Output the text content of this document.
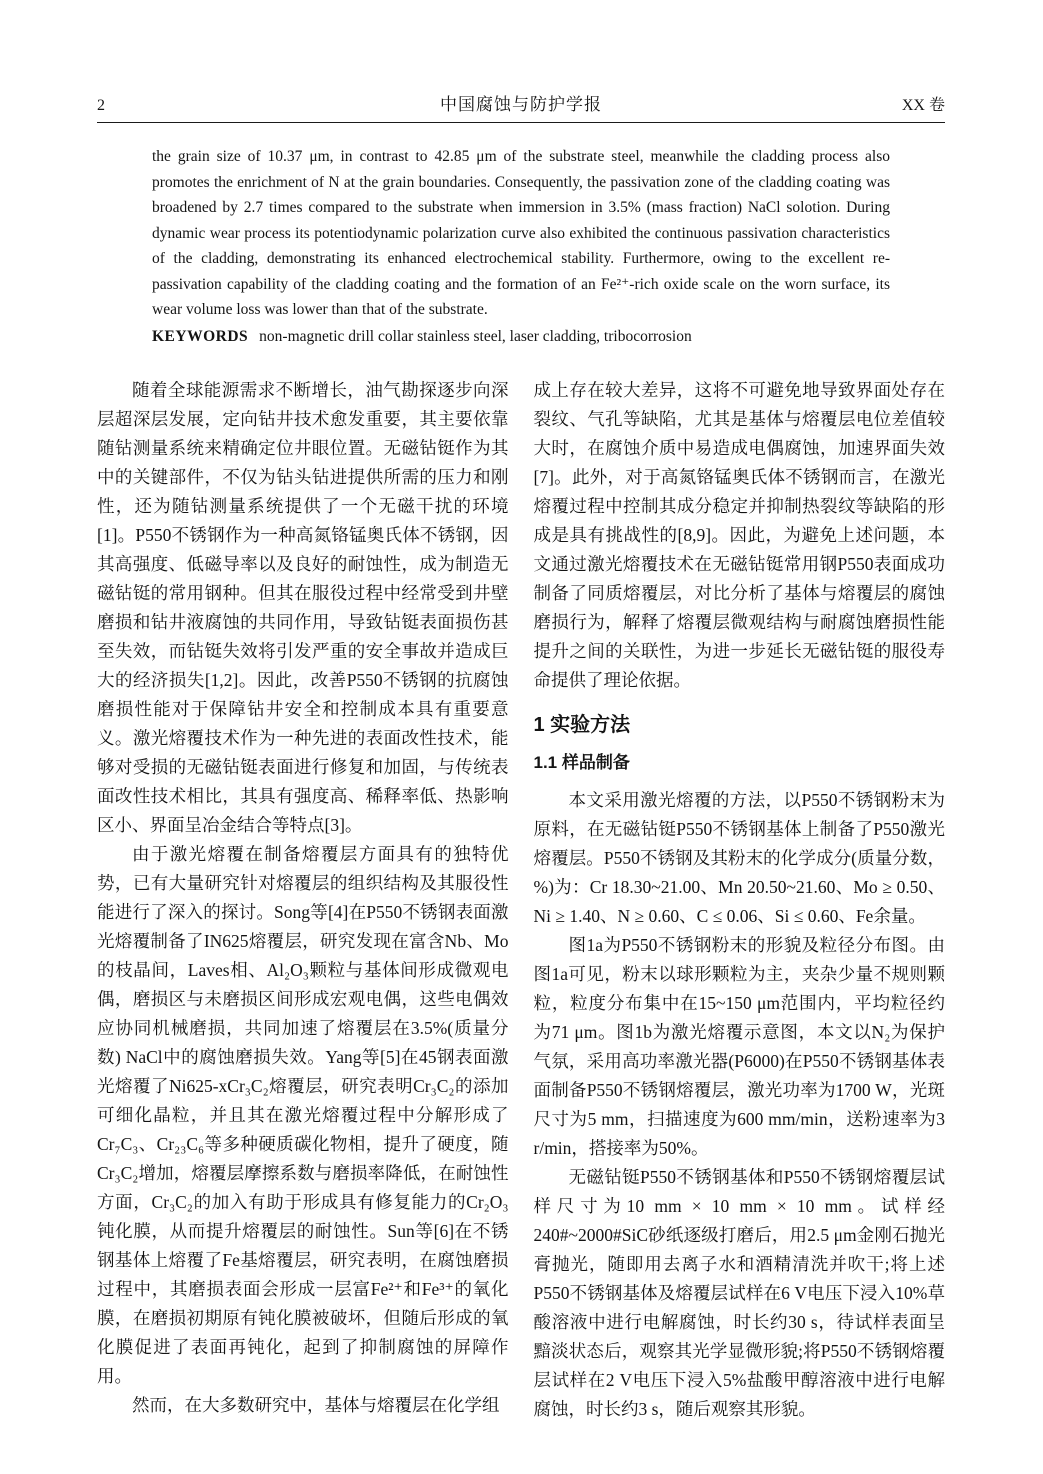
2	中国腐蚀与防护学报	XX 卷

the grain size of 10.37 μm, in contrast to 42.85 μm of the substrate steel, meanwhile the cladding process also promotes the enrichment of N at the grain boundaries. Consequently, the passivation zone of the cladding coating was broadened by 2.7 times compared to the substrate when immersion in 3.5% (mass fraction) NaCl solotion. During dynamic wear process its potentiodynamic polarization curve also exhibited the continuous passivation characteristics of the cladding, demonstrating its enhanced electrochemical stability. Furthermore, owing to the excellent re-passivation capability of the cladding coating and the formation of an Fe²⁺-rich oxide scale on the worn surface, its wear volume loss was lower than that of the substrate.

KEYWORDS non-magnetic drill collar stainless steel, laser cladding, tribocorrosion

随着全球能源需求不断增长，油气勘探逐步向深层超深层发展，定向钻井技术愈发重要，其主要依靠随钻测量系统来精确定位井眼位置。无磁钻铤作为其中的关键部件，不仅为钻头钻进提供所需的压力和刚性，还为随钻测量系统提供了一个无磁干扰的环境[1]。P550不锈钢作为一种高氮铬锰奥氏体不锈钢，因其高强度、低磁导率以及良好的耐蚀性，成为制造无磁钻铤的常用钢种。但其在服役过程中经常受到井壁磨损和钻井液腐蚀的共同作用，导致钻铤表面损伤甚至失效，而钻铤失效将引发严重的安全事故并造成巨大的经济损失[1,2]。因此，改善P550不锈钢的抗腐蚀磨损性能对于保障钻井安全和控制成本具有重要意义。激光熔覆技术作为一种先进的表面改性技术，能够对受损的无磁钻铤表面进行修复和加固，与传统表面改性技术相比，其具有强度高、稀释率低、热影响区小、界面呈冶金结合等特点[3]。

由于激光熔覆在制备熔覆层方面具有的独特优势，已有大量研究针对熔覆层的组织结构及其服役性能进行了深入的探讨。Song等[4]在P550不锈钢表面激光熔覆制备了IN625熔覆层，研究发现在富含Nb、Mo的枝晶间，Laves相、Al₂O₃颗粒与基体间形成微观电偶，磨损区与未磨损区间形成宏观电偶，这些电偶效应协同机械磨损，共同加速了熔覆层在3.5%(质量分数) NaCl中的腐蚀磨损失效。Yang等[5]在45钢表面激光熔覆了Ni625-xCr₃C₂熔覆层，研究表明Cr₃C₂的添加可细化晶粒，并且其在激光熔覆过程中分解形成了Cr₇C₃、Cr₂₃C₆等多种硬质碳化物相，提升了硬度，随Cr₃C₂增加，熔覆层摩擦系数与磨损率降低，在耐蚀性方面，Cr₃C₂的加入有助于形成具有修复能力的Cr₂O₃钝化膜，从而提升熔覆层的耐蚀性。Sun等[6]在不锈钢基体上熔覆了Fe基熔覆层，研究表明，在腐蚀磨损过程中，其磨损表面会形成一层富Fe²⁺和Fe³⁺的氧化膜，在磨损初期原有钝化膜被破坏，但随后形成的氧化膜促进了表面再钝化，起到了抑制腐蚀的屏障作用。

然而，在大多数研究中，基体与熔覆层在化学组

成上存在较大差异，这将不可避免地导致界面处存在裂纹、气孔等缺陷，尤其是基体与熔覆层电位差值较大时，在腐蚀介质中易造成电偶腐蚀，加速界面失效[7]。此外，对于高氮铬锰奥氏体不锈钢而言，在激光熔覆过程中控制其成分稳定并抑制热裂纹等缺陷的形成是具有挑战性的[8,9]。因此，为避免上述问题，本文通过激光熔覆技术在无磁钻铤常用钢P550表面成功制备了同质熔覆层，对比分析了基体与熔覆层的腐蚀磨损行为，解释了熔覆层微观结构与耐腐蚀磨损性能提升之间的关联性，为进一步延长无磁钻铤的服役寿命提供了理论依据。

1 实验方法
1.1 样品制备

本文采用激光熔覆的方法，以P550不锈钢粉末为原料，在无磁钻铤P550不锈钢基体上制备了P550激光熔覆层。P550不锈钢及其粉末的化学成分(质量分数，%)为：Cr 18.30~21.00、Mn 20.50~21.60、Mo ≥ 0.50、Ni ≥ 1.40、N ≥ 0.60、C ≤ 0.06、Si ≤ 0.60、Fe余量。

图1a为P550不锈钢粉末的形貌及粒径分布图。由图1a可见，粉末以球形颗粒为主，夹杂少量不规则颗粒，粒度分布集中在15~150 μm范围内，平均粒径约为71 μm。图1b为激光熔覆示意图，本文以N₂为保护气氛，采用高功率激光器(P6000)在P550不锈钢基体表面制备P550不锈钢熔覆层，激光功率为1700 W，光斑尺寸为5 mm，扫描速度为600 mm/min，送粉速率为3 r/min，搭接率为50%。

无磁钻铤P550不锈钢基体和P550不锈钢熔覆层试样尺寸为10 mm × 10 mm × 10 mm。试样经240#~2000#SiC砂纸逐级打磨后，用2.5 μm金刚石抛光膏抛光，随即用去离子水和酒精清洗并吹干;将上述P550不锈钢基体及熔覆层试样在6 V电压下浸入10%草酸溶液中进行电解腐蚀，时长约30 s，待试样表面呈黯淡状态后，观察其光学显微形貌;将P550不锈钢熔覆层试样在2 V电压下浸入5%盐酸甲醇溶液中进行电解腐蚀，时长约3 s，随后观察其形貌。
